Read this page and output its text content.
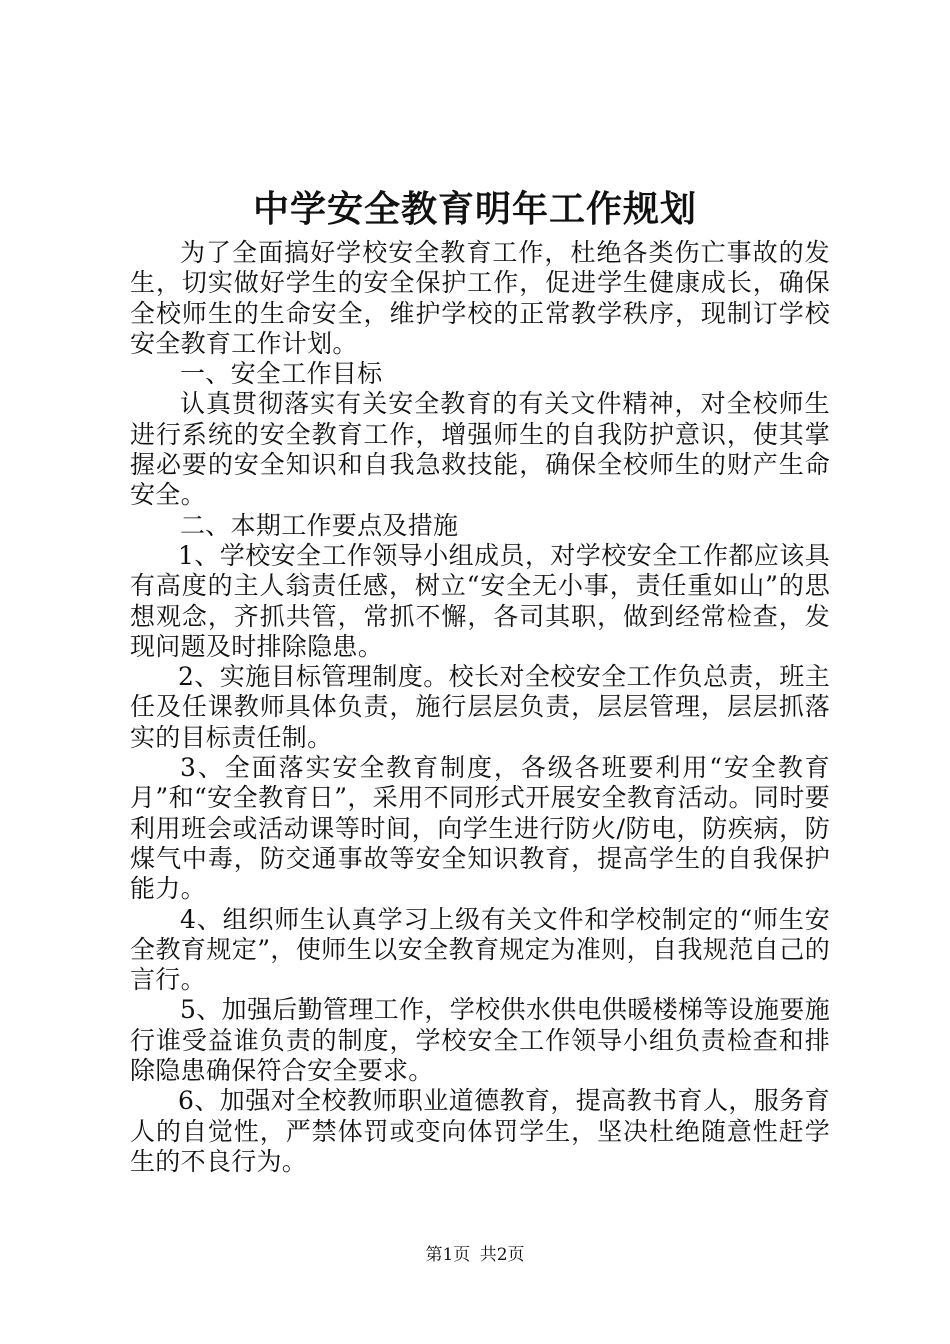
中学安全教育明年工作规划

为了全面搞好学校安全教育工作，杜绝各类伤亡事故的发生，切实做好学生的安全保护工作，促进学生健康成长，确保全校师生的生命安全，维护学校的正常教学秩序，现制订学校安全教育工作计划。

一、安全工作目标

认真贯彻落实有关安全教育的有关文件精神，对全校师生进行系统的安全教育工作，增强师生的自我防护意识，使其掌握必要的安全知识和自我急救技能，确保全校师生的财产生命安全。

二、本期工作要点及措施

1、学校安全工作领导小组成员，对学校安全工作都应该具有高度的主人翁责任感，树立“安全无小事，责任重如山”的思想观念，齐抓共管，常抓不懈，各司其职，做到经常检查，发现问题及时排除隐患。

2、实施目标管理制度。校长对全校安全工作负总责，班主任及任课教师具体负责，施行层层负责，层层管理，层层抓落实的目标责任制。

3、全面落实安全教育制度，各级各班要利用“安全教育月”和“安全教育日”，采用不同形式开展安全教育活动。同时要利用班会或活动课等时间，向学生进行防火/防电，防疾病，防煤气中毒，防交通事故等安全知识教育，提高学生的自我保护能力。

4、组织师生认真学习上级有关文件和学校制定的“师生安全教育规定”，使师生以安全教育规定为准则，自我规范自己的言行。

5、加强后勤管理工作，学校供水供电供暖楼梯等设施要施行谁受益谁负责的制度，学校安全工作领导小组负责检查和排除隐患确保符合安全要求。

6、加强对全校教师职业道德教育，提高教书育人，服务育人的自觉性，严禁体罚或变向体罚学生，坚决杜绝随意性赶学生的不良行为。

第1页 共2页
